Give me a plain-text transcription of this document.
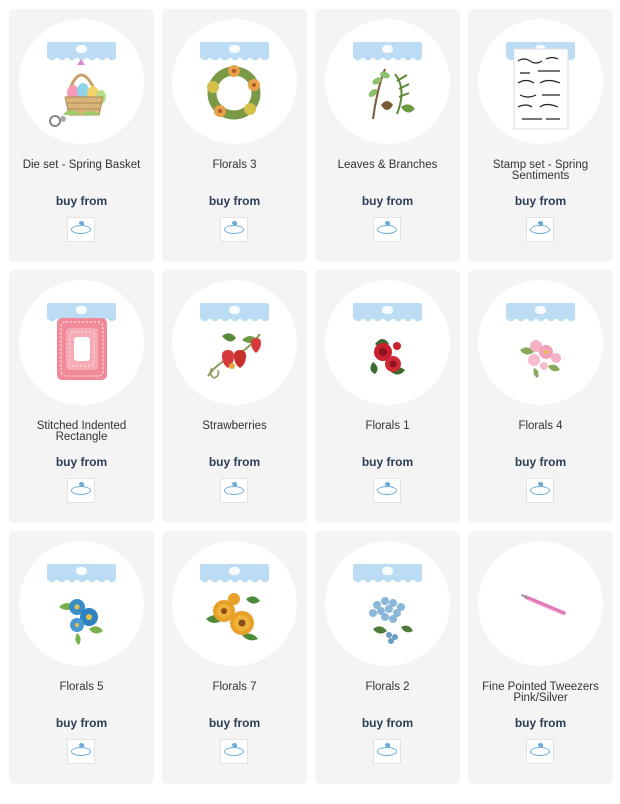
Die set - Spring Basket
buy from
Florals 3
buy from
Leaves & Branches
buy from
Stamp set - Spring Sentiments
buy from
Stitched Indented Rectangle
buy from
Strawberries
buy from
Florals 1
buy from
Florals 4
buy from
Florals 5
buy from
Florals 7
buy from
Florals 2
buy from
Fine Pointed Tweezers Pink/Silver
buy from
